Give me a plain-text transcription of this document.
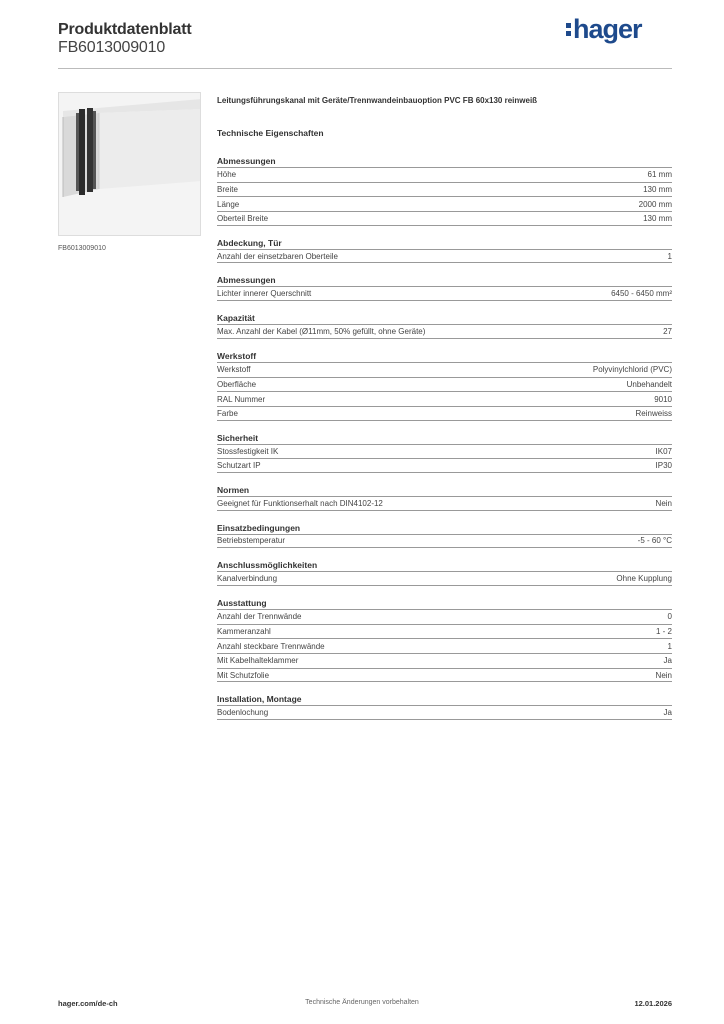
Produktdatenblatt
FB6013009010
hager
FB6013009010
Leitungsführungskanal mit Geräte/Trennwandeinbauoption PVC FB 60x130 reinweiß
Technische Eigenschaften
Abmessungen
Höhe	61 mm
Breite	130 mm
Länge	2000 mm
Oberteil Breite	130 mm
Abdeckung, Tür
Anzahl der einsetzbaren Oberteile	1
Abmessungen
Lichter innerer Querschnitt	6450 - 6450 mm²
Kapazität
Max. Anzahl der Kabel (Ø11mm, 50% gefüllt, ohne Geräte)	27
Werkstoff
Werkstoff	Polyvinylchlorid (PVC)
Oberfläche	Unbehandelt
RAL Nummer	9010
Farbe	Reinweiss
Sicherheit
Stossfestigkeit IK	IK07
Schutzart IP	IP30
Normen
Geeignet für Funktionserhalt nach DIN4102-12	Nein
Einsatzbedingungen
Betriebstemperatur	-5 - 60 °C
Anschlussmöglichkeiten
Kanalverbindung	Ohne Kupplung
Ausstattung
Anzahl der Trennwände	0
Kammeranzahl	1 - 2
Anzahl steckbare Trennwände	1
Mit Kabelhalteklammer	Ja
Mit Schutzfolie	Nein
Installation, Montage
Bodenlochung	Ja
hager.com/de-ch	Technische Änderungen vorbehalten	12.01.2026
